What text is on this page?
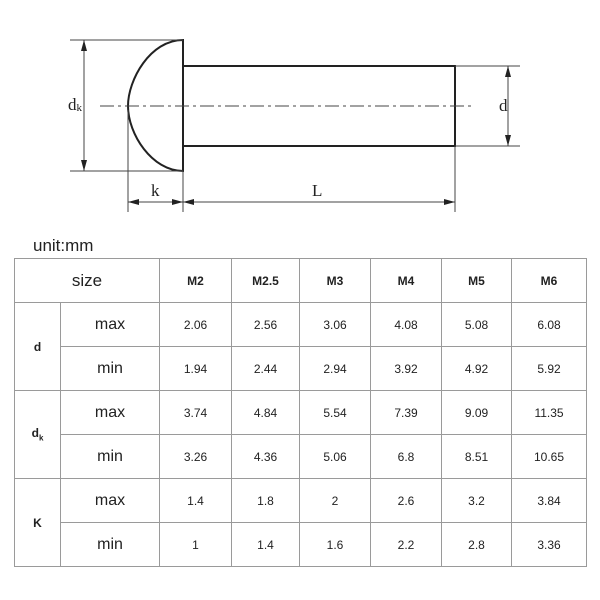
dk	d
k	L
unit:mm
size		M2	M2.5	M3	M4	M5	M6
d	max	2.06	2.56	3.06	4.08	5.08	6.08
	min	1.94	2.44	2.94	3.92	4.92	5.92
$d_k$	max	3.74	4.84	5.54	7.39	9.09	11.35
	min	3.26	4.36	5.06	6.8	8.51	10.65
K	max	1.4	1.8	2	2.6	3.2	3.84
	min	1	1.4	1.6	2.2	2.8	3.36
